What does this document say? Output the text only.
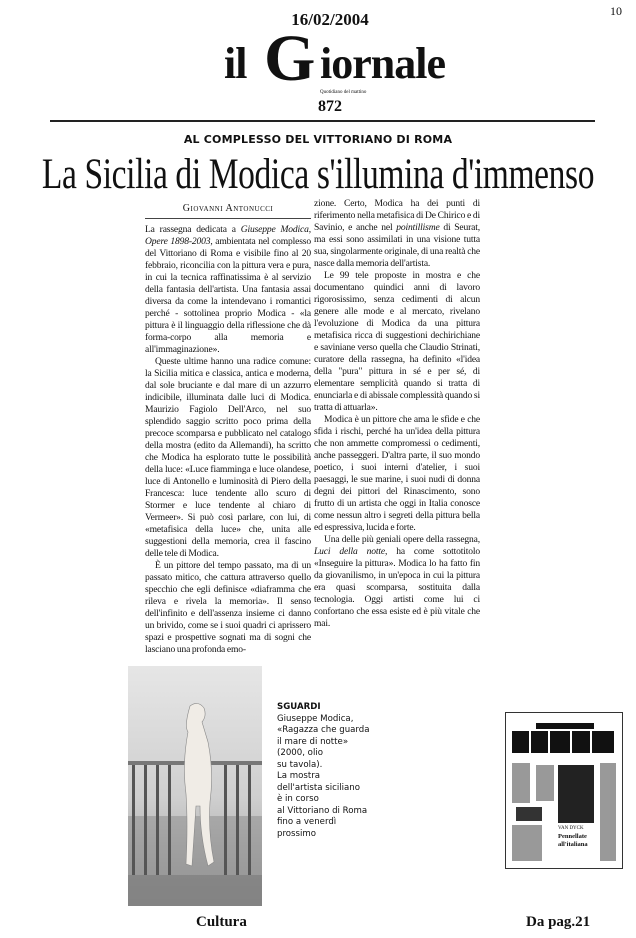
10
16/02/2004
il G iornale
Quotidiano del mattino
872
AL COMPLESSO DEL VITTORIANO DI ROMA
La Sicilia di Modica s'illumina d'immenso
Giovanni Antonucci

La rassegna dedicata a Giuseppe Modica, Opere 1898-2003, ambientata nel complesso del Vittoriano di Roma e visibile fino al 20 febbraio, riconcilia con la pittura vera e pura, in cui la tecnica raffinatissima è al servizio della fantasia dell'artista. Una fantasia assai diversa da come la intendevano i romantici perché - sottolinea proprio Modica - «la pittura è il linguaggio della riflessione che dà forma-corpo alla memoria e all'immaginazione».

Queste ultime hanno una radice comune: la Sicilia mitica e classica, antica e moderna, dal sole bruciante e dal mare di un azzurro indicibile, illuminata dalle luci di Modica. Maurizio Fagiolo Dell'Arco, nel suo splendido saggio scritto poco prima della precoce scomparsa e pubblicato nel catalogo della mostra (edito da Allemandi), ha scritto che Modica ha esplorato tutte le possibilità della luce: «Luce fiamminga e luce olandese, luce di Antonello e luminosità di Piero della Francesca: luce tendente allo scuro di Stormer e luce tendente al chiaro di Vermeer». Si può così parlare, con lui, di «metafisica della luce» che, unita alle suggestioni della memoria, crea il fascino delle tele di Modica.

È un pittore del tempo passato, ma di un passato mitico, che cattura attraverso quello specchio che egli definisce «diaframma che rileva e rivela la memoria». Il senso dell'infinito e dell'assenza insieme ci danno un brivido, come se i suoi quadri ci aprissero spazi e prospettive sognati ma di sogni che lasciano una profonda emo-

zione. Certo, Modica ha dei punti di riferimento nella metafisica di De Chirico e di Savinio, e anche nel pointillisme di Seurat, ma essi sono assimilati in una visione tutta sua, singolarmente originale, di una realtà che nasce dalla memoria dell'artista.

Le 99 tele proposte in mostra e che documentano quindici anni di lavoro rigorosissimo, senza cedimenti di alcun genere alle mode e al mercato, rivelano l'evoluzione di Modica da una pittura metafisica ricca di suggestioni dechirichiane e saviniane verso quella che Claudio Strinati, curatore della rassegna, ha definito «l'idea della "pura" pittura in sé e per sé, di elementare semplicità quando si tratta di enunciarla e di abissale complessità quando si tratta di attuarla».

Modica è un pittore che ama le sfide e che sfida i rischi, perché ha un'idea della pittura che non ammette compromessi o cedimenti, anche passeggeri. D'altra parte, il suo mondo poetico, i suoi interni d'atelier, i suoi paesaggi, le sue marine, i suoi nudi di donna degni dei pittori del Rinascimento, sono frutto di un artista che oggi in Italia conosce come nessun altro i segreti della pittura bella ed espressiva, lucida e forte.

Una delle più geniali opere della rassegna, Luci della notte, ha come sottotitolo «Inseguire la pittura». Modica lo ha fatto fin da giovanilismo, in un'epoca in cui la pittura era quasi scomparsa, sostituita dalla tecnologia. Oggi artisti come lui ci confortano che essa esiste ed è più vitale che mai.

SGUARDI
Giuseppe Modica,
«Ragazza che guarda
il mare di notte»
(2000, olio
su tavola).
La mostra
dell'artista siciliano
è in corso
al Vittoriano di Roma
fino a venerdì
prossimo	VAN DYCK
Pennellate all'italiana
Cultura	Da pag.21
